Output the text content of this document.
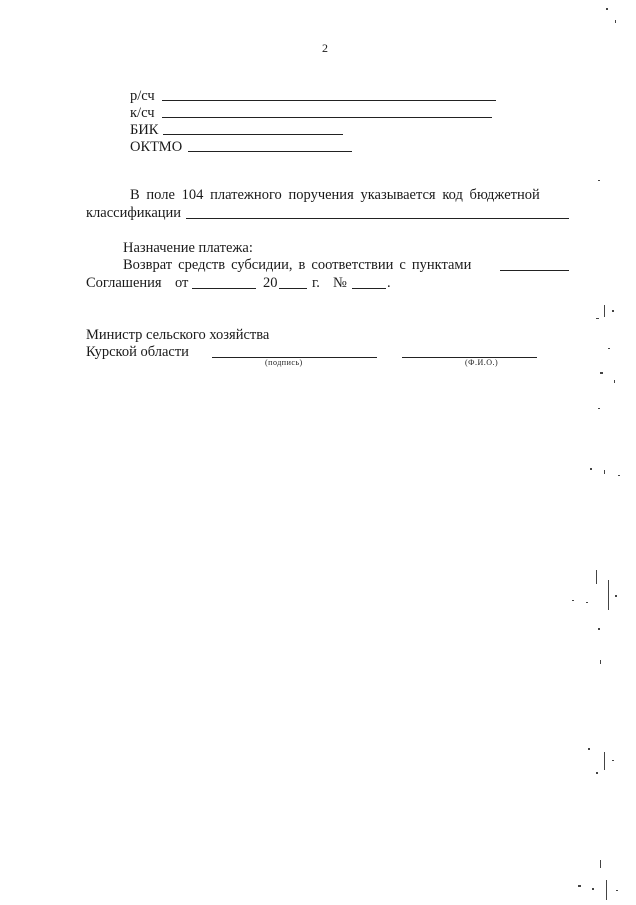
2
р/сч
к/сч
БИК
ОКТМО
В поле 104 платежного поручения указывается код бюджетной
классификации
Назначение платежа:
Возврат средств субсидии, в соответствии с пунктами
Соглашения от	20 г. №	.
Министр сельского хозяйства
Курской области
(подпись)	(Ф.И.О.)
